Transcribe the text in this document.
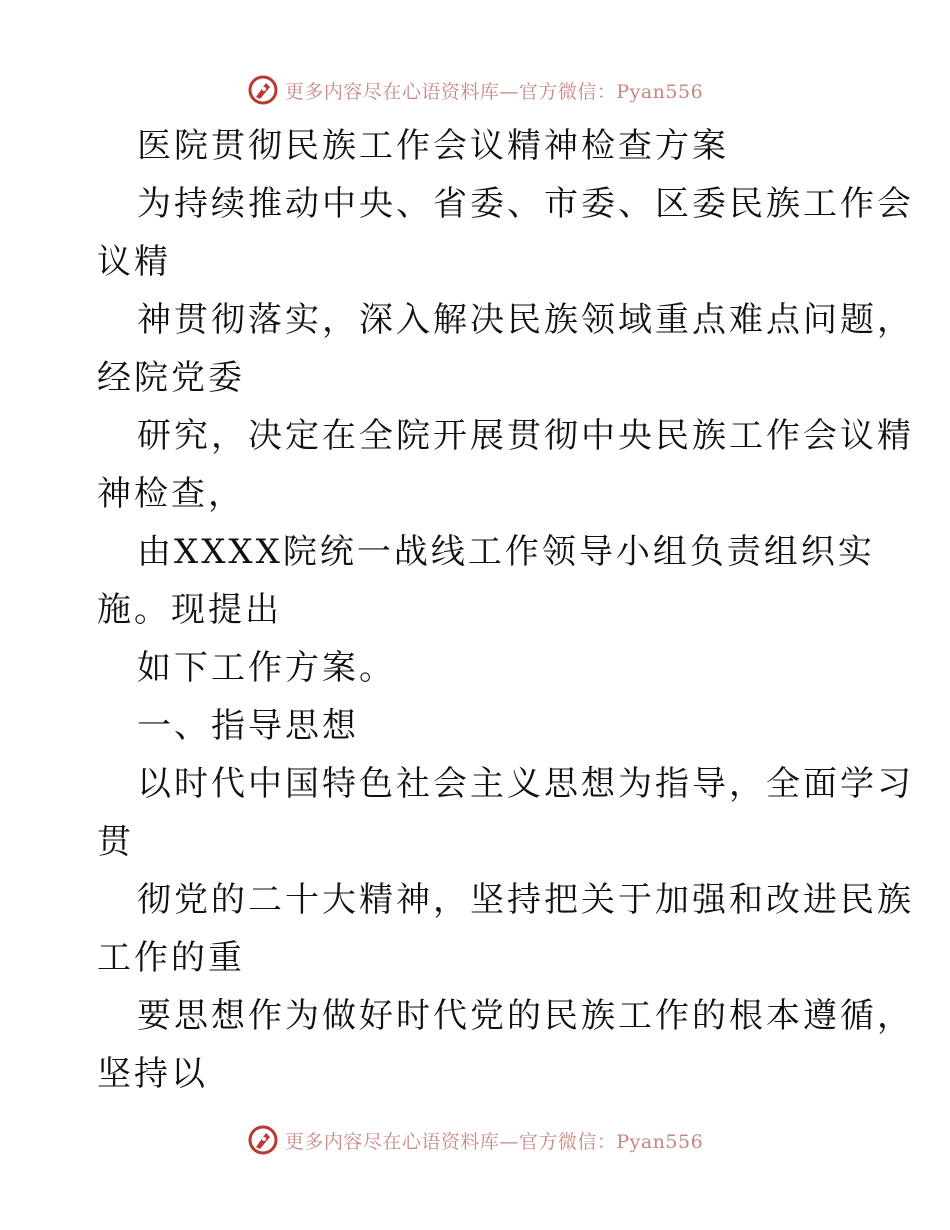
更多内容尽在心语资料库—官方微信：Pyan556
医院贯彻民族工作会议精神检查方案
为持续推动中央、省委、市委、区委民族工作会
议精
神贯彻落实，深入解决民族领域重点难点问题，
经院党委
研究，决定在全院开展贯彻中央民族工作会议精
神检查，
由XXXX院统一战线工作领导小组负责组织实
施。现提出
如下工作方案。
一、指导思想
以时代中国特色社会主义思想为指导，全面学习
贯
彻党的二十大精神，坚持把关于加强和改进民族
工作的重
要思想作为做好时代党的民族工作的根本遵循，
坚持以
更多内容尽在心语资料库—官方微信：Pyan556
